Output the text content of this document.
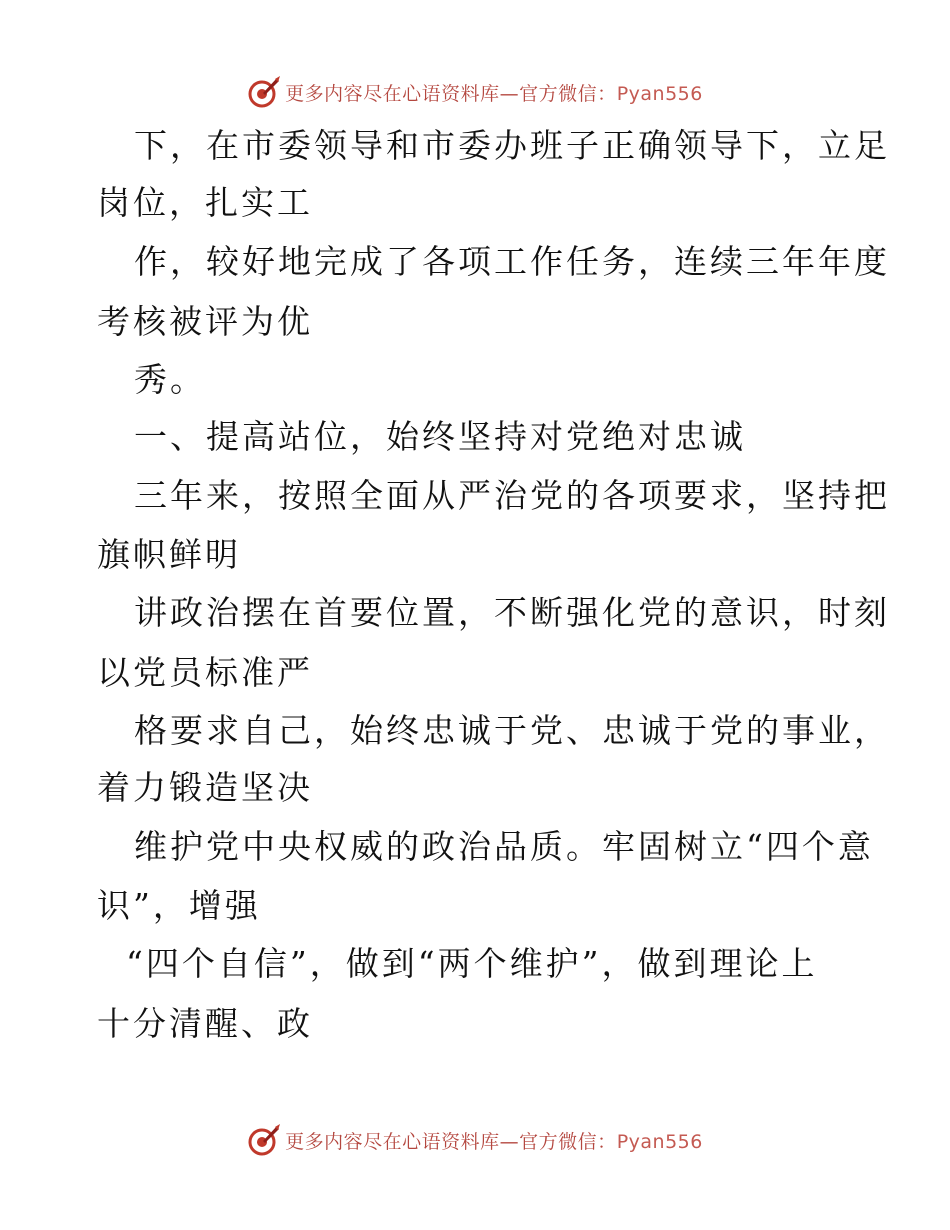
更多内容尽在心语资料库—官方微信：Pyan556
下，在市委领导和市委办班子正确领导下，立足
岗位，扎实工
作，较好地完成了各项工作任务，连续三年年度
考核被评为优
秀。
一、提高站位，始终坚持对党绝对忠诚
三年来，按照全面从严治党的各项要求，坚持把
旗帜鲜明
讲政治摆在首要位置，不断强化党的意识，时刻
以党员标准严
格要求自己，始终忠诚于党、忠诚于党的事业，
着力锻造坚决
维护党中央权威的政治品质。牢固树立“四个意
识”，增强
“四个自信”，做到“两个维护”，做到理论上
十分清醒、政
更多内容尽在心语资料库—官方微信：Pyan556
